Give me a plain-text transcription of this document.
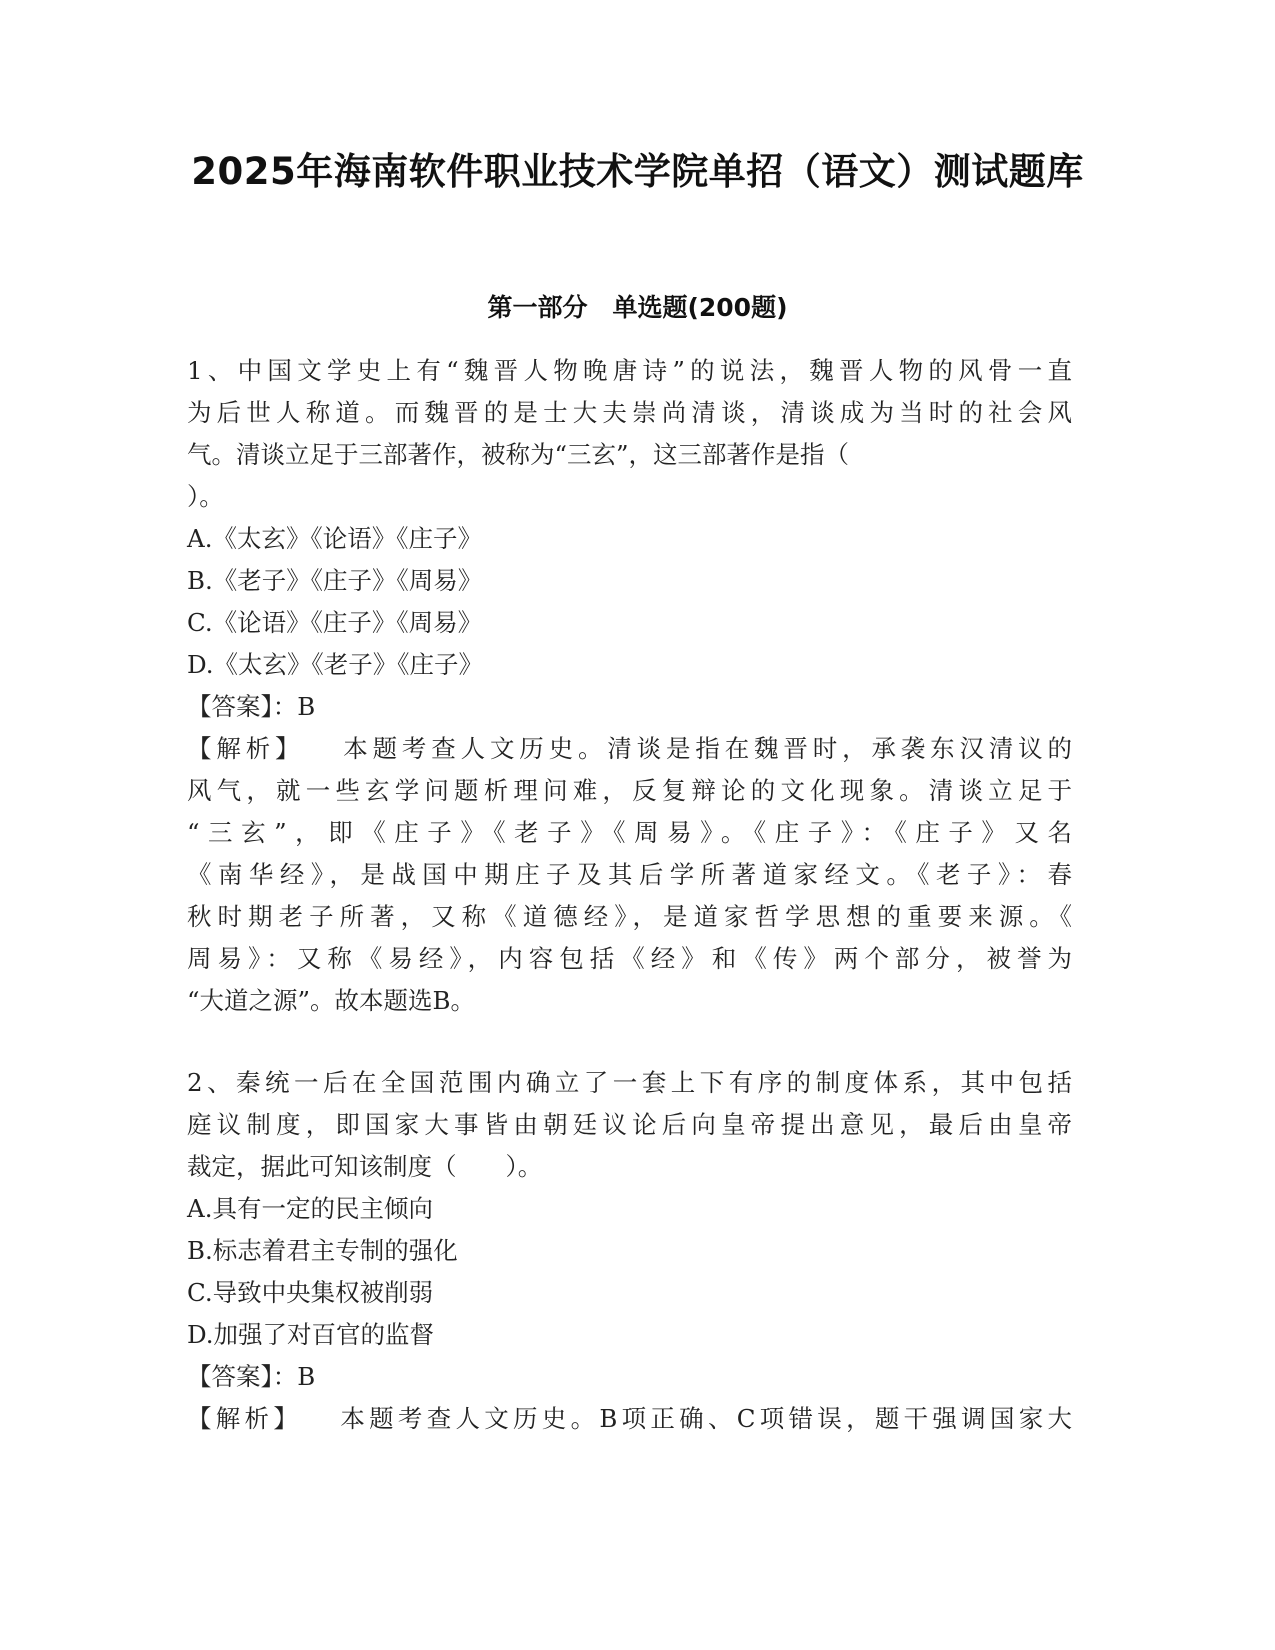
2025年海南软件职业技术学院单招（语文）测试题库
第一部分　单选题(200题)
1、中国文学史上有“魏晋人物晚唐诗”的说法，魏晋人物的风骨一直
为后世人称道。而魏晋的是士大夫崇尚清谈，清谈成为当时的社会风
气。清谈立足于三部著作，被称为“三玄”，这三部著作是指（
）。
A.《太玄》《论语》《庄子》
B.《老子》《庄子》《周易》
C.《论语》《庄子》《周易》
D.《太玄》《老子》《庄子》
【答案】：B
【解析】 本题考查人文历史。清谈是指在魏晋时，承袭东汉清议的
风气，就一些玄学问题析理问难，反复辩论的文化现象。清谈立足于
“三玄”，即《庄子》《老子》《周易》。《庄子》：《庄子》又名
《南华经》，是战国中期庄子及其后学所著道家经文。《老子》：春
秋时期老子所著，又称《道德经》，是道家哲学思想的重要来源。《
周易》：又称《易经》，内容包括《经》和《传》两个部分，被誉为
“大道之源”。故本题选B。
2、秦统一后在全国范围内确立了一套上下有序的制度体系，其中包括
庭议制度，即国家大事皆由朝廷议论后向皇帝提出意见，最后由皇帝
裁定，据此可知该制度（　　）。
A.具有一定的民主倾向
B.标志着君主专制的强化
C.导致中央集权被削弱
D.加强了对百官的监督
【答案】：B
【解析】 本题考查人文历史。B项正确、C项错误，题干强调国家大
